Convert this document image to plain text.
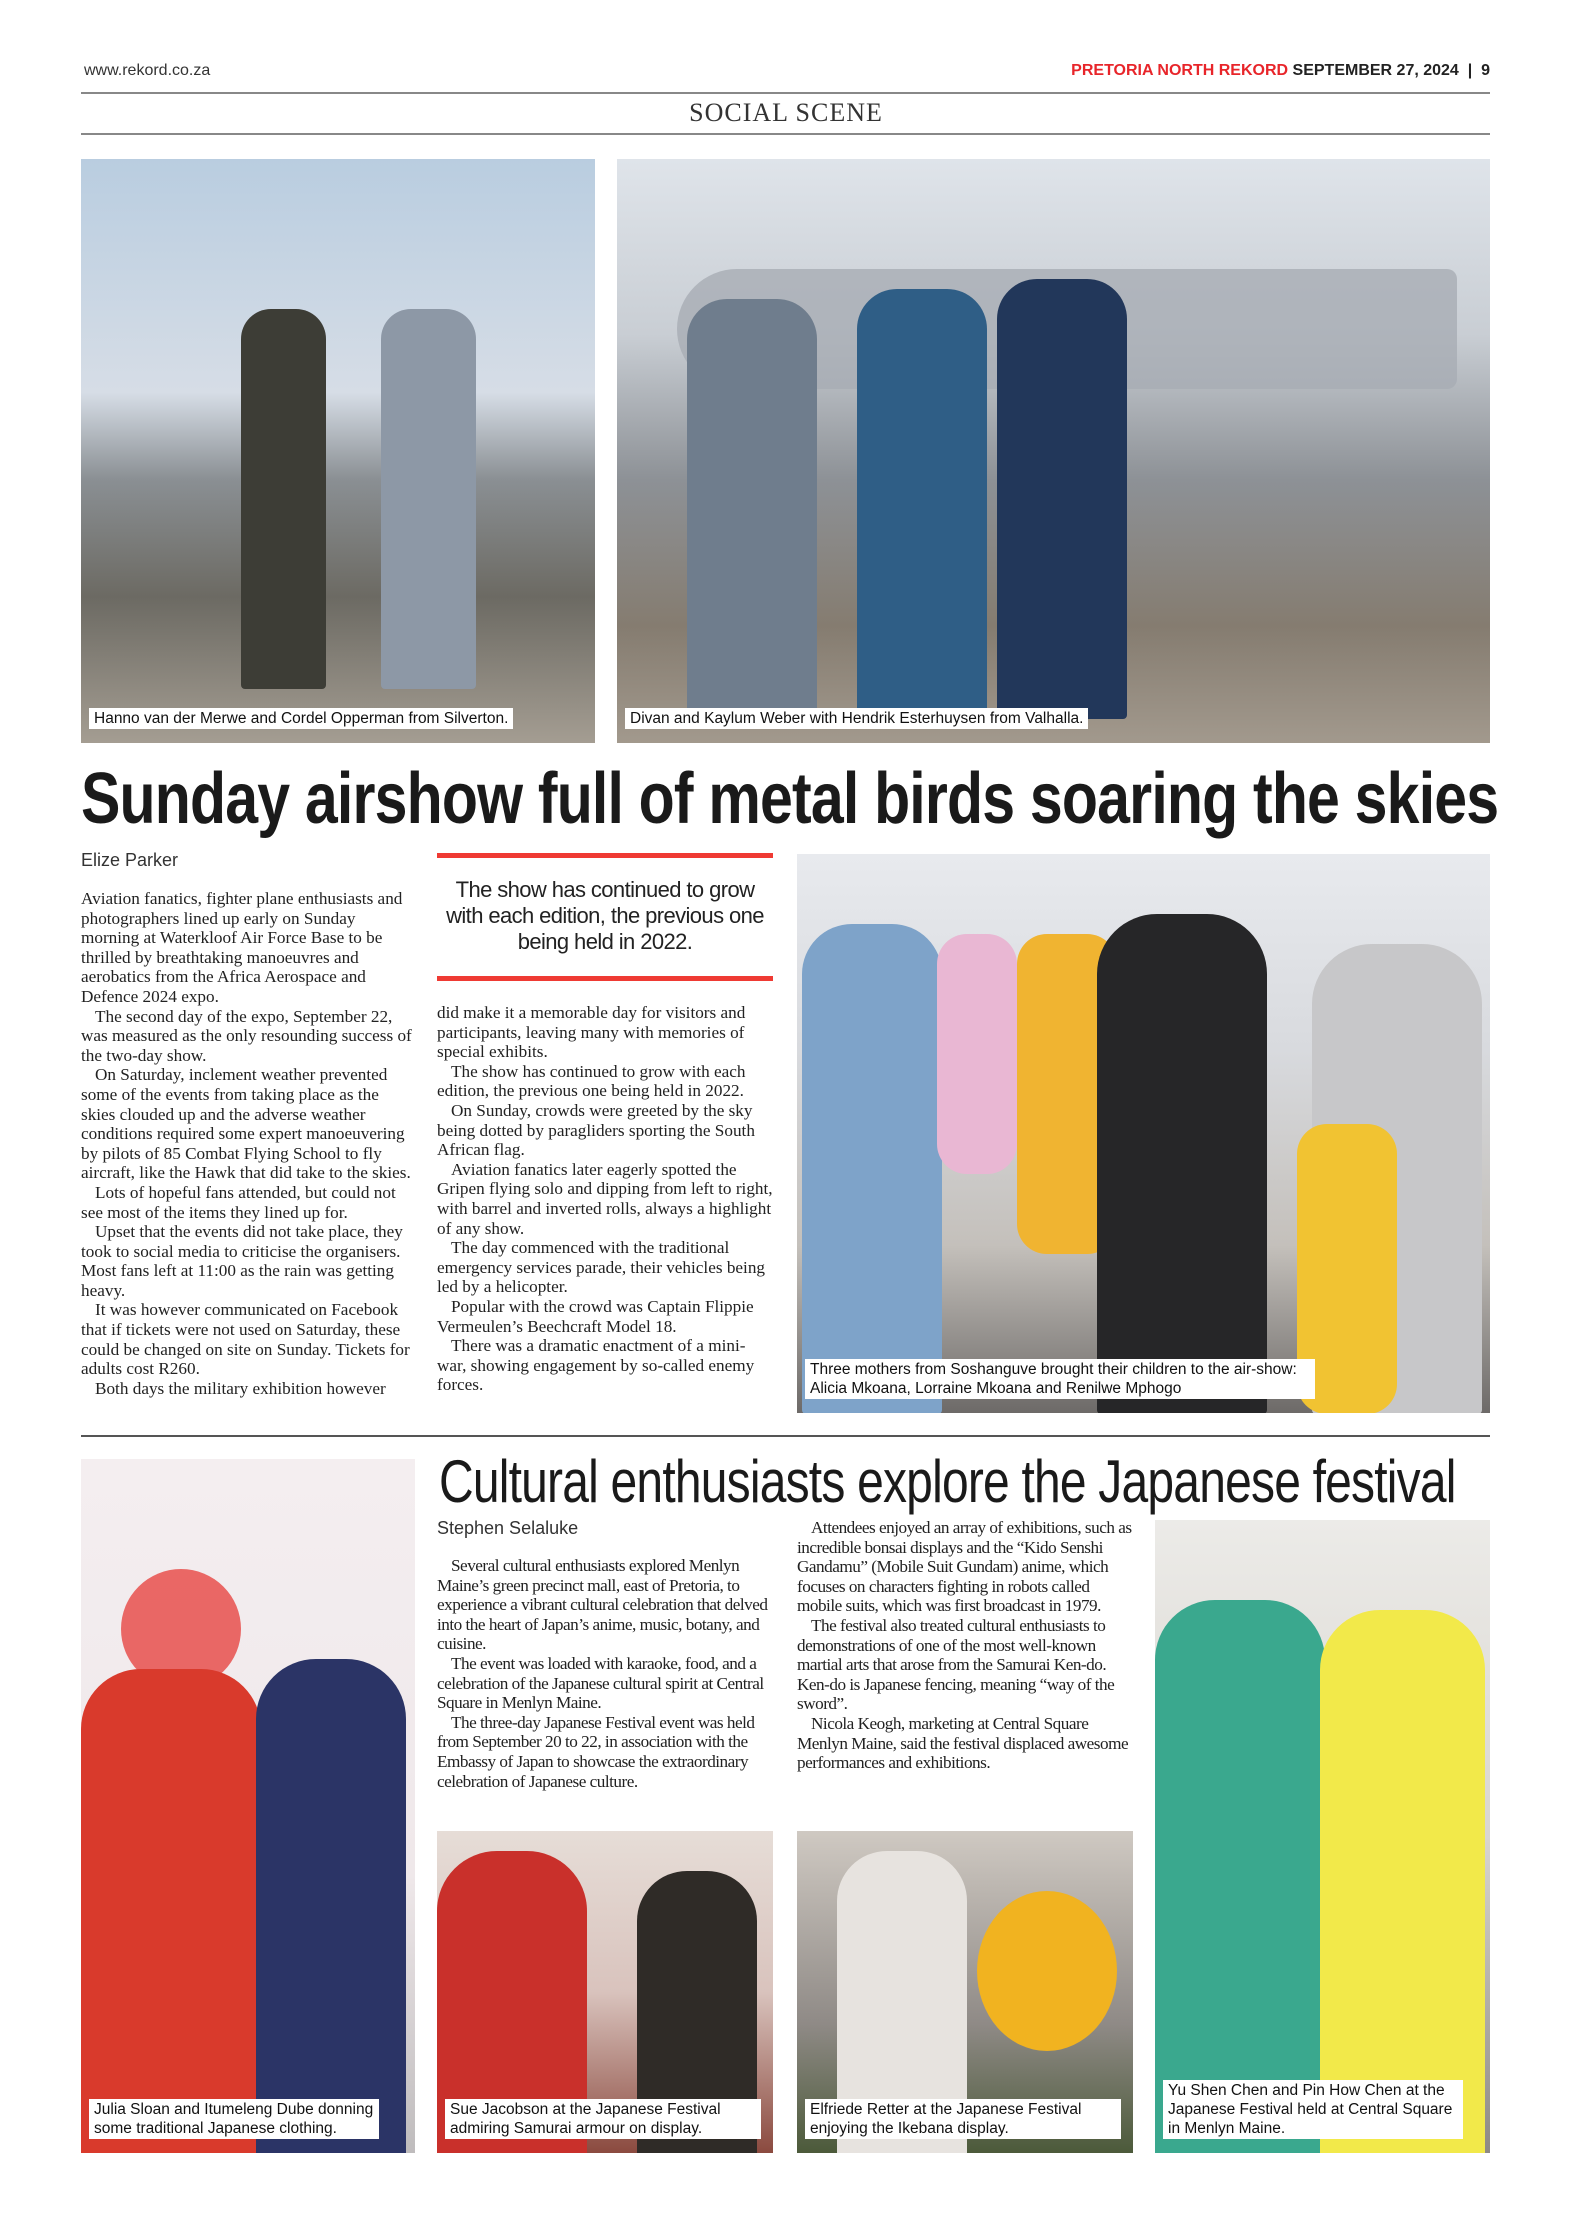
www.rekord.co.za	PRETORIA NORTH REKORD SEPTEMBER 27, 2024 | 9
SOCIAL SCENE
Hanno van der Merwe and Cordel Opperman from Silverton.	Divan and Kaylum Weber with Hendrik Esterhuysen from Valhalla.
Sunday airshow full of metal birds soaring the skies
Elize Parker

Aviation fanatics, fighter plane enthusiasts and photographers lined up early on Sunday morning at Waterkloof Air Force Base to be thrilled by breathtaking manoeuvres and aerobatics from the Africa Aerospace and Defence 2024 expo.

The second day of the expo, September 22, was measured as the only resounding success of the two-day show.

On Saturday, inclement weather prevented some of the events from taking place as the skies clouded up and the adverse weather conditions required some expert manoeuvering by pilots of 85 Combat Flying School to fly aircraft, like the Hawk that did take to the skies.

Lots of hopeful fans attended, but could not see most of the items they lined up for.

Upset that the events did not take place, they took to social media to criticise the organisers. Most fans left at 11:00 as the rain was getting heavy.

It was however communicated on Facebook that if tickets were not used on Saturday, these could be changed on site on Sunday. Tickets for adults cost R260.

Both days the military exhibition however

The show has continued to grow with each edition, the previous one being held in 2022.

did make it a memorable day for visitors and participants, leaving many with memories of special exhibits.

The show has continued to grow with each edition, the previous one being held in 2022.

On Sunday, crowds were greeted by the sky being dotted by paragliders sporting the South African flag.

Aviation fanatics later eagerly spotted the Gripen flying solo and dipping from left to right, with barrel and inverted rolls, always a highlight of any show.

The day commenced with the traditional emergency services parade, their vehicles being led by a helicopter.

Popular with the crowd was Captain Flippie Vermeulen’s Beechcraft Model 18.

There was a dramatic enactment of a mini-war, showing engagement by so-called enemy forces.

Three mothers from Soshanguve brought their children to the air-show: Alicia Mkoana, Lorraine Mkoana and Renilwe Mphogo
Julia Sloan and Itumeleng Dube donning some traditional Japanese clothing.
Cultural enthusiasts explore the Japanese festival
Stephen Selaluke

Several cultural enthusiasts explored Menlyn Maine’s green precinct mall, east of Pretoria, to experience a vibrant cultural celebration that delved into the heart of Japan’s anime, music, botany, and cuisine.

The event was loaded with karaoke, food, and a celebration of the Japanese cultural spirit at Central Square in Menlyn Maine.

The three-day Japanese Festival event was held from September 20 to 22, in association with the Embassy of Japan to showcase the extraordinary celebration of Japanese culture.

Attendees enjoyed an array of exhibitions, such as incredible bonsai displays and the “Kido Senshi Gandamu” (Mobile Suit Gundam) anime, which focuses on characters fighting in robots called mobile suits, which was first broadcast in 1979.

The festival also treated cultural enthusiasts to demonstrations of one of the most well-known martial arts that arose from the Samurai Ken-do. Ken-do is Japanese fencing, meaning “way of the sword”.

Nicola Keogh, marketing at Central Square Menlyn Maine, said the festival displaced awesome performances and exhibitions.

Sue Jacobson at the Japanese Festival admiring Samurai armour on display.
Elfriede Retter at the Japanese Festival enjoying the Ikebana display.
Yu Shen Chen and Pin How Chen at the Japanese Festival held at Central Square in Menlyn Maine.
